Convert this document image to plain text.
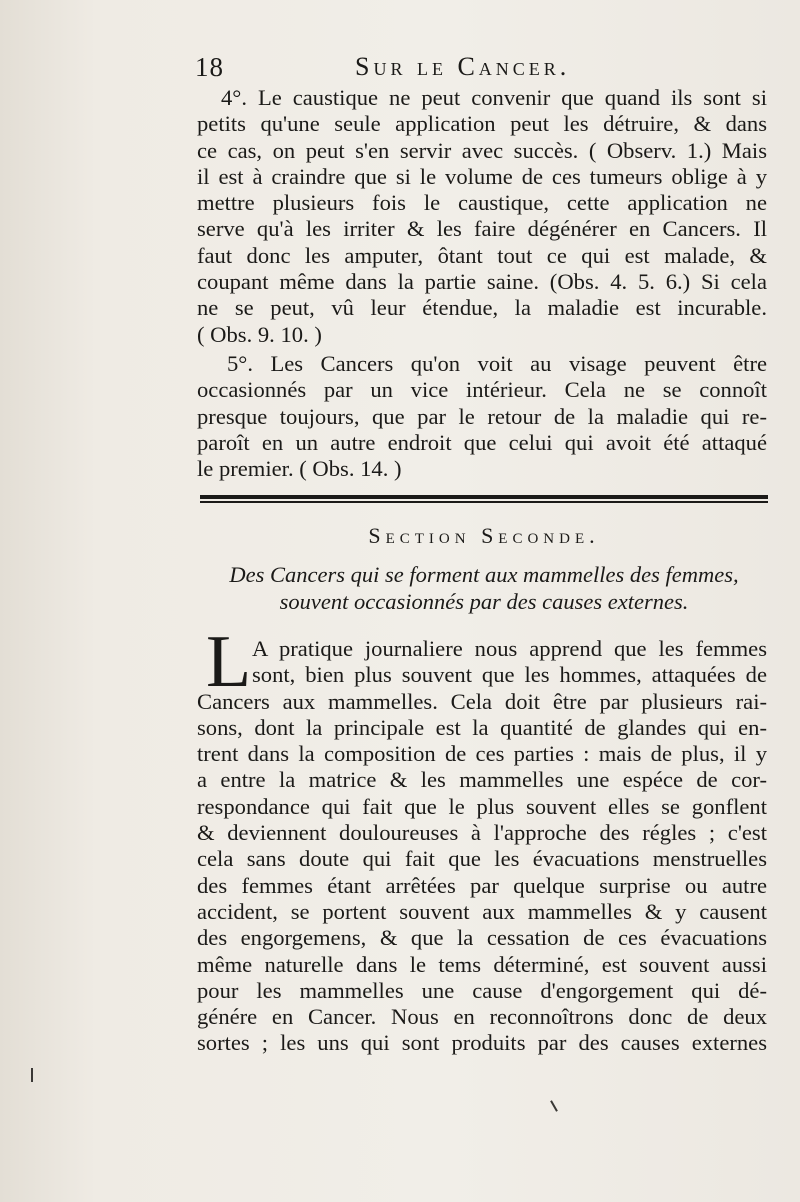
18	Sur le Cancer.
4°. Le caustique ne peut convenir que quand ils sont si
petits qu'une seule application peut les détruire, & dans
ce cas, on peut s'en servir avec succès. ( Observ. 1.) Mais
il est à craindre que si le volume de ces tumeurs oblige à y
mettre plusieurs fois le caustique, cette application ne
serve qu'à les irriter & les faire dégénérer en Cancers. Il
faut donc les amputer, ôtant tout ce qui est malade, &
coupant même dans la partie saine. (Obs. 4. 5. 6.) Si cela
ne se peut, vû leur étendue, la maladie est incurable.
( Obs. 9. 10. )
5°. Les Cancers qu'on voit au visage peuvent être
occasionnés par un vice intérieur. Cela ne se connoît
presque toujours, que par le retour de la maladie qui re-
paroît en un autre endroit que celui qui avoit été attaqué
le premier. ( Obs. 14. )
Section Seconde.
Des Cancers qui se forment aux mammelles des femmes,
souvent occasionnés par des causes externes.
L A pratique journaliere nous apprend que les femmes
sont, bien plus souvent que les hommes, attaquées de
Cancers aux mammelles. Cela doit être par plusieurs rai-
sons, dont la principale est la quantité de glandes qui en-
trent dans la composition de ces parties : mais de plus, il y
a entre la matrice & les mammelles une espéce de cor-
respondance qui fait que le plus souvent elles se gonflent
& deviennent douloureuses à l'approche des régles ; c'est
cela sans doute qui fait que les évacuations menstruelles
des femmes étant arrêtées par quelque surprise ou autre
accident, se portent souvent aux mammelles & y causent
des engorgemens, & que la cessation de ces évacuations
même naturelle dans le tems déterminé, est souvent aussi
pour les mammelles une cause d'engorgement qui dé-
génére en Cancer. Nous en reconnoîtrons donc de deux
sortes ; les uns qui sont produits par des causes externes
